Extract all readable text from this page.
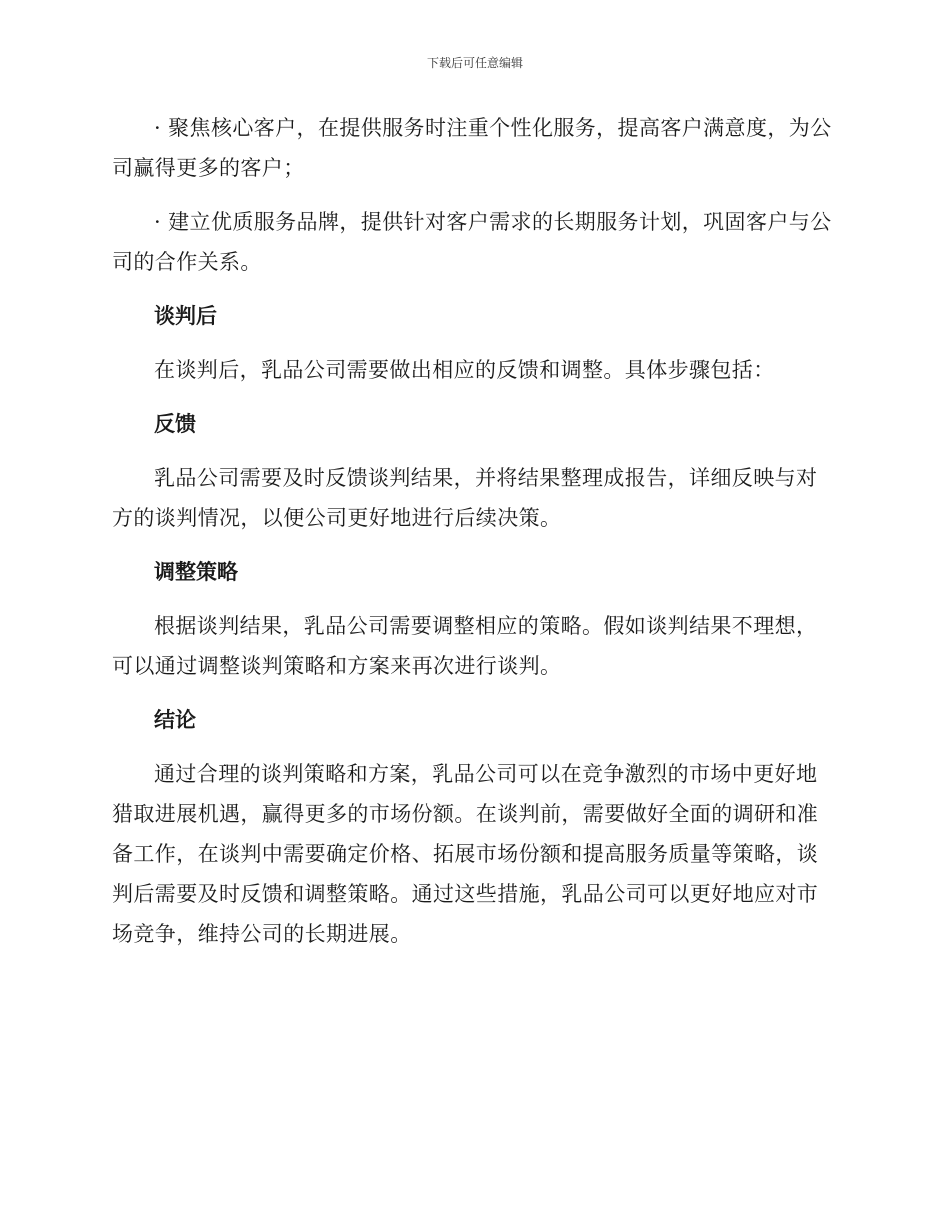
下载后可任意编辑

· 聚焦核心客户，在提供服务时注重个性化服务，提高客户满意度，为公司赢得更多的客户；

· 建立优质服务品牌，提供针对客户需求的长期服务计划，巩固客户与公司的合作关系。

谈判后

在谈判后，乳品公司需要做出相应的反馈和调整。具体步骤包括：

反馈

乳品公司需要及时反馈谈判结果，并将结果整理成报告，详细反映与对方的谈判情况，以便公司更好地进行后续决策。

调整策略

根据谈判结果，乳品公司需要调整相应的策略。假如谈判结果不理想，可以通过调整谈判策略和方案来再次进行谈判。

结论

通过合理的谈判策略和方案，乳品公司可以在竞争激烈的市场中更好地猎取进展机遇，赢得更多的市场份额。在谈判前，需要做好全面的调研和准备工作，在谈判中需要确定价格、拓展市场份额和提高服务质量等策略，谈判后需要及时反馈和调整策略。通过这些措施，乳品公司可以更好地应对市场竞争，维持公司的长期进展。
